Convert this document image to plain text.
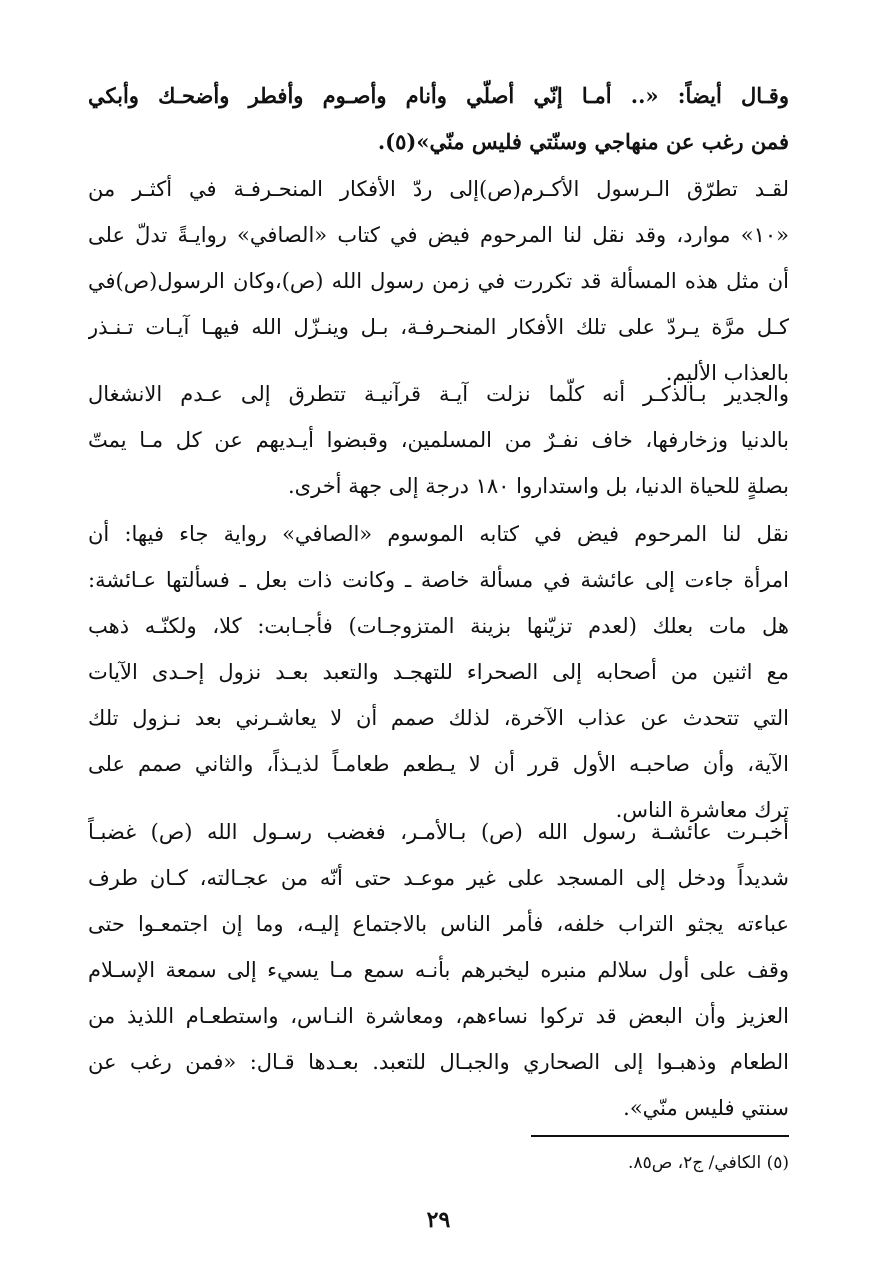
وقـال أيضاً: «.. أمـا إنّي أصلّي وأنام وأصـوم وأفطر وأضحـك وأبكي
فمن رغب عن منهاجي وسنّتي فليس منّي»(٥).
لقـد تطرّق الـرسول الأكـرم(ص)إلى ردّ الأفكار المنحـرفـة في أكثـر من
«١٠» موارد، وقد نقل لنا المرحوم فيض في كتاب «الصافي» روايـةً تدلّ على
أن مثل هذه المسألة قد تكررت في زمن رسول الله (ص)،وكان الرسول(ص)في
كـل مرَّة يـردّ على تلك الأفكار المنحـرفـة، بـل وينـزّل الله فيهـا آيـات تـنـذر
بالعذاب الأليم.
والجدير بـالذكـر أنه كلّما نزلت آيـة قرآنيـة تتطرق إلى عـدم الانشغال
بالدنيا وزخارفها، خاف نفـرٌ من المسلمين، وقبضوا أيـديهم عن كل مـا يمتّ
بصلةٍ للحياة الدنيا، بل واستداروا ١٨٠ درجة إلى جهة أخرى.
نقل لنا المرحوم فيض في كتابه الموسوم «الصافي» رواية جاء فيها: أن
امرأة جاءت إلى عائشة في مسألة خاصة ـ وكانت ذات بعل ـ فسألتها عـائشة:
هل مات بعلك (لعدم تزيّنها بزينة المتزوجـات) فأجـابت: كلا، ولكنّـه ذهب
مع اثنين من أصحابه إلى الصحراء للتهجـد والتعبد بعـد نزول إحـدى الآيات
التي تتحدث عن عذاب الآخرة، لذلك صمم أن لا يعاشـرني بعد نـزول تلك
الآية، وأن صاحبـه الأول قرر أن لا يـطعم طعامـاً لذيـذاً، والثاني صمم على
ترك معاشرة الناس.
أخبـرت عائشـة رسول الله (ص) بـالأمـر، فغضب رسـول الله (ص) غضبـاً
شديداً ودخل إلى المسجد على غير موعـد حتى أنّه من عجـالته، كـان طرف
عباءته يجثو التراب خلفه، فأمر الناس بالاجتماع إليـه، وما إن اجتمعـوا حتى
وقف على أول سلالم منبره ليخبرهم بأنـه سمع مـا يسيء إلى سمعة الإسـلام
العزيز وأن البعض قد تركوا نساءهم، ومعاشرة النـاس، واستطعـام اللذيذ من
الطعام وذهبـوا إلى الصحاري والجبـال للتعبد. بعـدها قـال: «فمن رغب عن
سنتي فليس منّي».
(٥) الكافي/ ج٢، ص٨٥.
٢٩
